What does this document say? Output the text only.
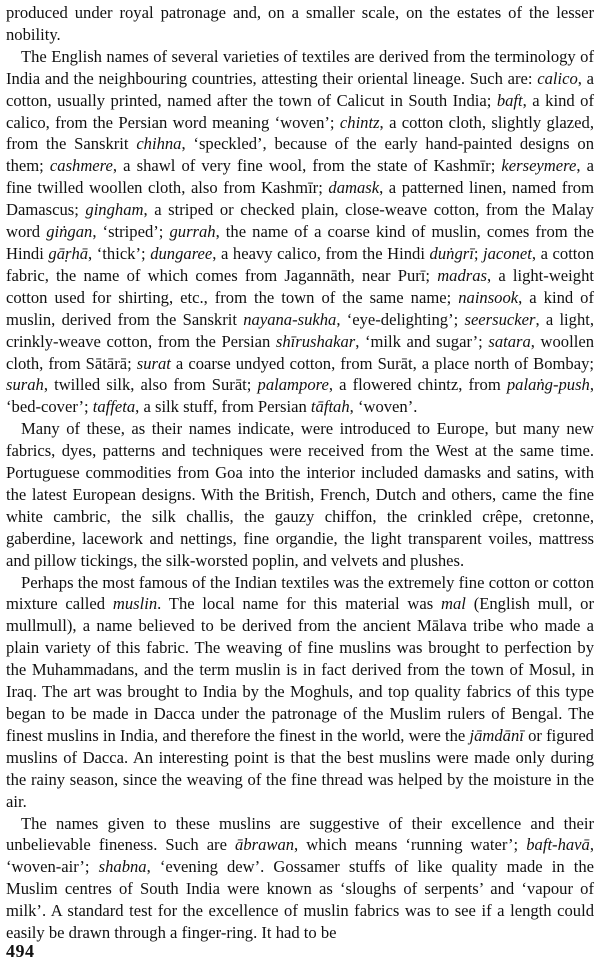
produced under royal patronage and, on a smaller scale, on the estates of the lesser nobility.

The English names of several varieties of textiles are derived from the terminology of India and the neighbouring countries, attesting their oriental lineage. Such are: calico, a cotton, usually printed, named after the town of Calicut in South India; baft, a kind of calico, from the Persian word meaning ‘woven’; chintz, a cotton cloth, slightly glazed, from the Sanskrit chihna, ‘speckled’, because of the early hand-painted designs on them; cashmere, a shawl of very fine wool, from the state of Kashmīr; kerseymere, a fine twilled woollen cloth, also from Kashmīr; damask, a patterned linen, named from Damascus; gingham, a striped or checked plain, close-weave cotton, from the Malay word giṅgan, ‘striped’; gurrah, the name of a coarse kind of muslin, comes from the Hindi gāṛhā, ‘thick’; dungaree, a heavy calico, from the Hindi duṅgrī; jaconet, a cotton fabric, the name of which comes from Jagannāth, near Purī; madras, a light-weight cotton used for shirting, etc., from the town of the same name; nainsook, a kind of muslin, derived from the Sanskrit nayana-sukha, ‘eye-delighting’; seersucker, a light, crinkly-weave cotton, from the Persian shīrushakar, ‘milk and sugar’; satara, woollen cloth, from Sātārā; surat a coarse undyed cotton, from Surāt, a place north of Bombay; surah, twilled silk, also from Surāt; palampore, a flowered chintz, from palaṅg-push, ‘bed-cover’; taffeta, a silk stuff, from Persian tāftah, ‘woven’.

Many of these, as their names indicate, were introduced to Europe, but many new fabrics, dyes, patterns and techniques were received from the West at the same time. Portuguese commodities from Goa into the interior included damasks and satins, with the latest European designs. With the British, French, Dutch and others, came the fine white cambric, the silk challis, the gauzy chiffon, the crinkled crêpe, cretonne, gaberdine, lacework and nettings, fine organdie, the light transparent voiles, mattress and pillow tickings, the silk-worsted poplin, and velvets and plushes.

Perhaps the most famous of the Indian textiles was the extremely fine cotton or cotton mixture called muslin. The local name for this material was mal (English mull, or mullmull), a name believed to be derived from the ancient Mālava tribe who made a plain variety of this fabric. The weaving of fine muslins was brought to perfection by the Muhammadans, and the term muslin is in fact derived from the town of Mosul, in Iraq. The art was brought to India by the Moghuls, and top quality fabrics of this type began to be made in Dacca under the patronage of the Muslim rulers of Bengal. The finest muslins in India, and therefore the finest in the world, were the jāmdānī or figured muslins of Dacca. An interesting point is that the best muslins were made only during the rainy season, since the weaving of the fine thread was helped by the moisture in the air.

The names given to these muslins are suggestive of their excellence and their unbelievable fineness. Such are ābrawan, which means ‘running water’; baft-havā, ‘woven-air’; shabna, ‘evening dew’. Gossamer stuffs of like quality made in the Muslim centres of South India were known as ‘sloughs of serpents’ and ‘vapour of milk’. A standard test for the excellence of muslin fabrics was to see if a length could easily be drawn through a finger-ring. It had to be

494
